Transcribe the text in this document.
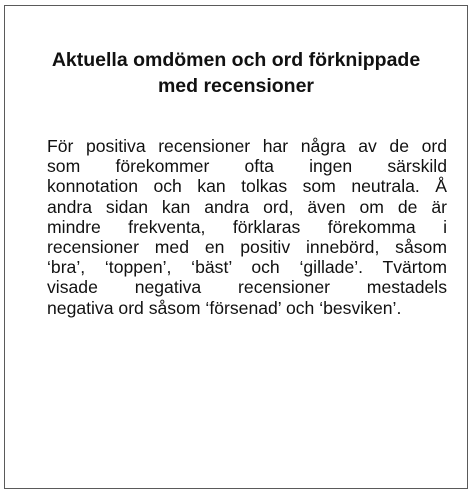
Aktuella omdömen och ord förknippade
med recensioner

För positiva recensioner har några av de ord
som förekommer ofta ingen särskild
konnotation och kan tolkas som neutrala. Å
andra sidan kan andra ord, även om de är
mindre frekventa, förklaras förekomma i
recensioner med en positiv innebörd, såsom
‘bra’, ‘toppen’, ‘bäst’ och ‘gillade’. Tvärtom
visade negativa recensioner mestadels
negativa ord såsom ‘försenad’ och ‘besviken’.
